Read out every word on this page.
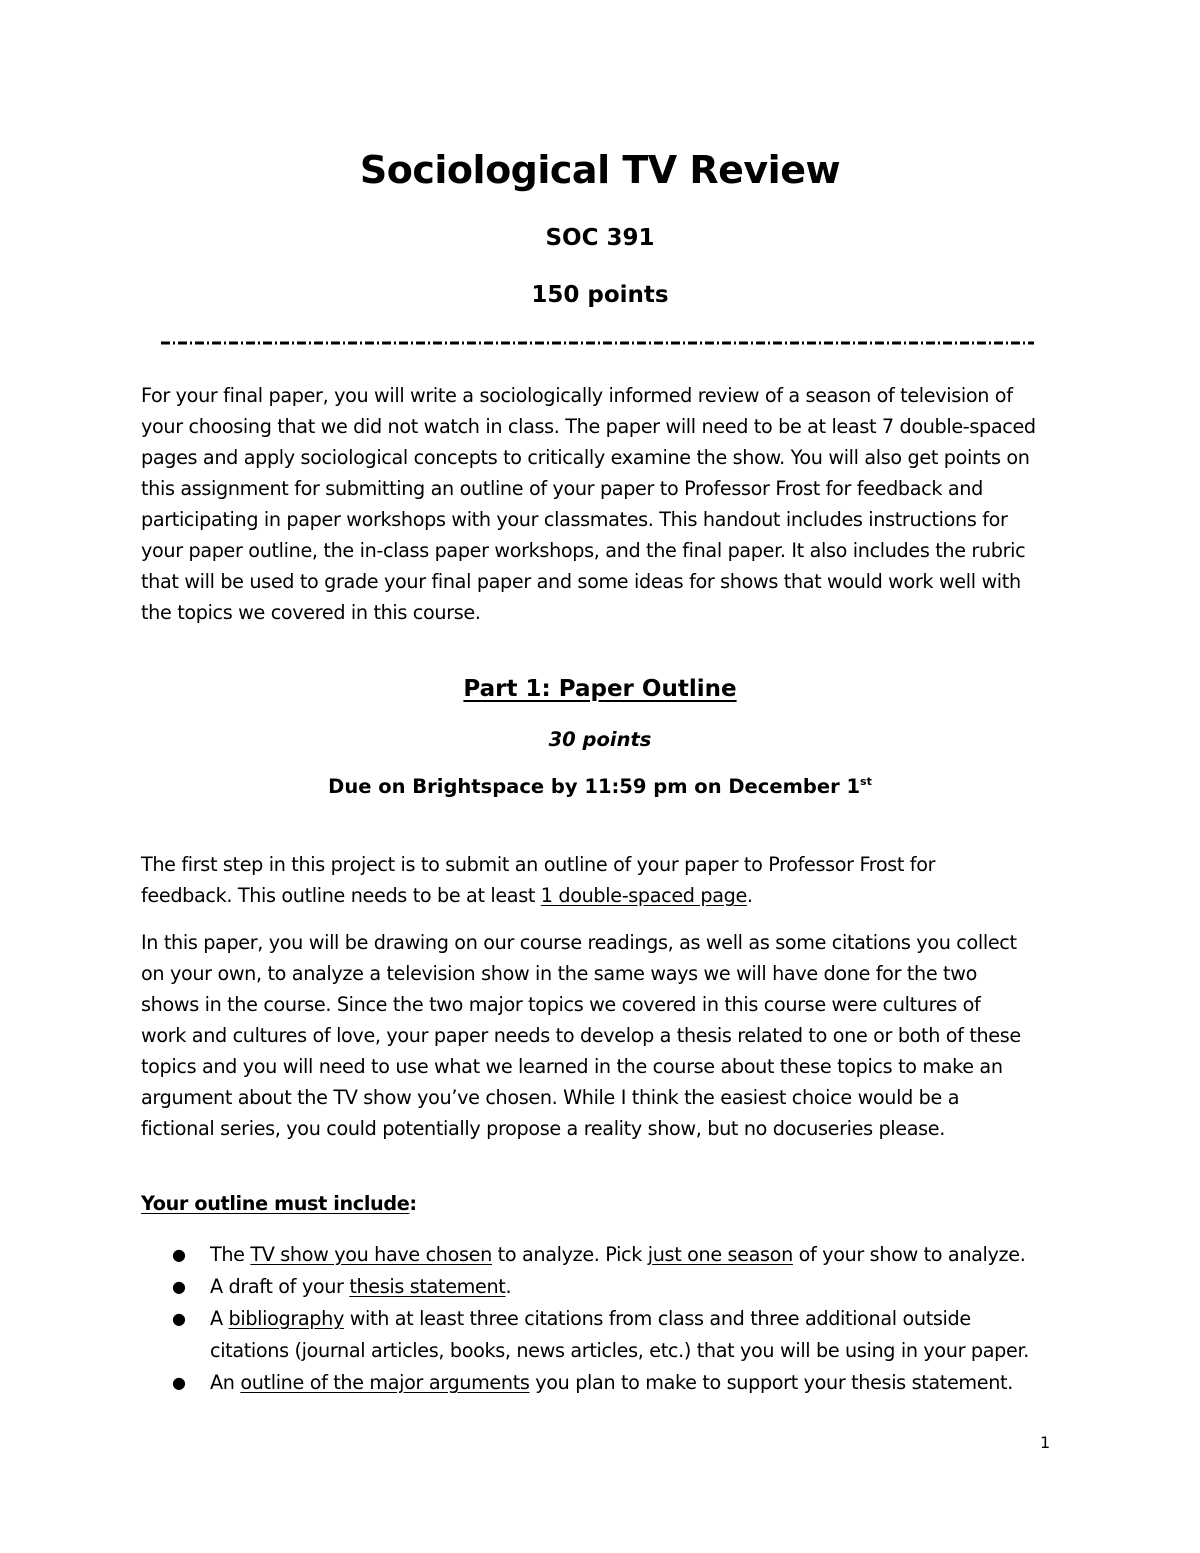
Sociological TV Review
SOC 391
150 points
For your final paper, you will write a sociologically informed review of a season of television of
your choosing that we did not watch in class. The paper will need to be at least 7 double-spaced
pages and apply sociological concepts to critically examine the show. You will also get points on
this assignment for submitting an outline of your paper to Professor Frost for feedback and
participating in paper workshops with your classmates. This handout includes instructions for
your paper outline, the in-class paper workshops, and the final paper. It also includes the rubric
that will be used to grade your final paper and some ideas for shows that would work well with
the topics we covered in this course.
Part 1: Paper Outline
30 points
Due on Brightspace by 11:59 pm on December 1st
The first step in this project is to submit an outline of your paper to Professor Frost for
feedback. This outline needs to be at least 1 double-spaced page.
In this paper, you will be drawing on our course readings, as well as some citations you collect
on your own, to analyze a television show in the same ways we will have done for the two
shows in the course. Since the two major topics we covered in this course were cultures of
work and cultures of love, your paper needs to develop a thesis related to one or both of these
topics and you will need to use what we learned in the course about these topics to make an
argument about the TV show you’ve chosen. While I think the easiest choice would be a
fictional series, you could potentially propose a reality show, but no docuseries please.
Your outline must include:
● The TV show you have chosen to analyze. Pick just one season of your show to analyze.
● A draft of your thesis statement.
● A bibliography with at least three citations from class and three additional outside
citations (journal articles, books, news articles, etc.) that you will be using in your paper.
● An outline of the major arguments you plan to make to support your thesis statement.
1
